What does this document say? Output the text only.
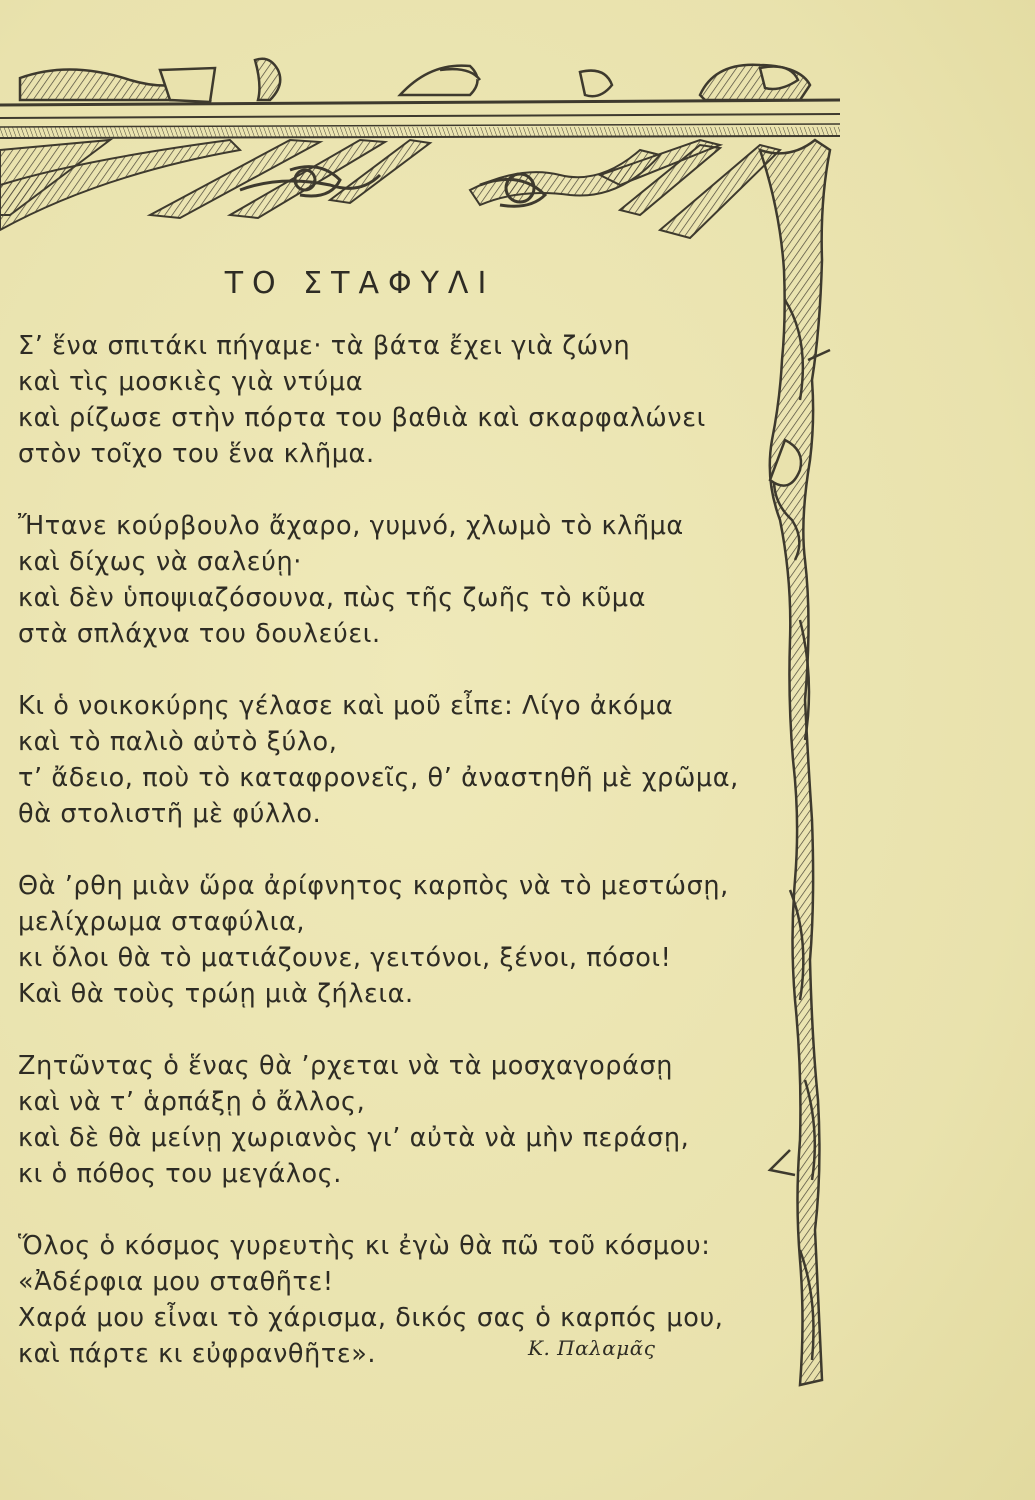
ΤΟ ΣΤΑΦΥΛΙ
Σ’ ἕνα σπιτάκι πήγαμε· τὰ βάτα ἔχει γιὰ ζώνη
καὶ τὶς μοσκιὲς γιὰ ντύμα
καὶ ρίζωσε στὴν πόρτα του βαθιὰ καὶ σκαρφαλώνει
στὸν τοῖχο του ἕνα κλῆμα.
Ἤτανε κούρβουλο ἄχαρο, γυμνό, χλωμὸ τὸ κλῆμα
καὶ δίχως νὰ σαλεύῃ·
καὶ δὲν ὑποψιαζόσουνα, πὼς τῆς ζωῆς τὸ κῦμα
στὰ σπλάχνα του δουλεύει.
Κι ὁ νοικοκύρης γέλασε καὶ μοῦ εἶπε: Λίγο ἀκόμα
καὶ τὸ παλιὸ αὐτὸ ξύλο,
τ’ ἄδειο, ποὺ τὸ καταφρονεῖς, θ’ ἀναστηθῆ μὲ χρῶμα,
θὰ στολιστῆ μὲ φύλλο.
Θὰ ’ρθη μιὰν ὥρα ἀρίφνητος καρπὸς νὰ τὸ μεστώσῃ,
μελίχρωμα σταφύλια,
κι ὅλοι θὰ τὸ ματιάζουνε, γειτόνοι, ξένοι, πόσοι!
Καὶ θὰ τοὺς τρώῃ μιὰ ζήλεια.
Ζητῶντας ὁ ἕνας θὰ ’ρχεται νὰ τὰ μοσχαγοράσῃ
καὶ νὰ τ’ ἁρπάξῃ ὁ ἄλλος,
καὶ δὲ θὰ μείνῃ χωριανὸς γι’ αὐτὰ νὰ μὴν περάσῃ,
κι ὁ πόθος του μεγάλος.
Ὅλος ὁ κόσμος γυρευτὴς κι ἐγὼ θὰ πῶ τοῦ κόσμου:
«Ἀδέρφια μου σταθῆτε!
Χαρά μου εἶναι τὸ χάρισμα, δικός σας ὁ καρπός μου,
καὶ πάρτε κι εὐφρανθῆτε».	Κ. Παλαμᾶς
